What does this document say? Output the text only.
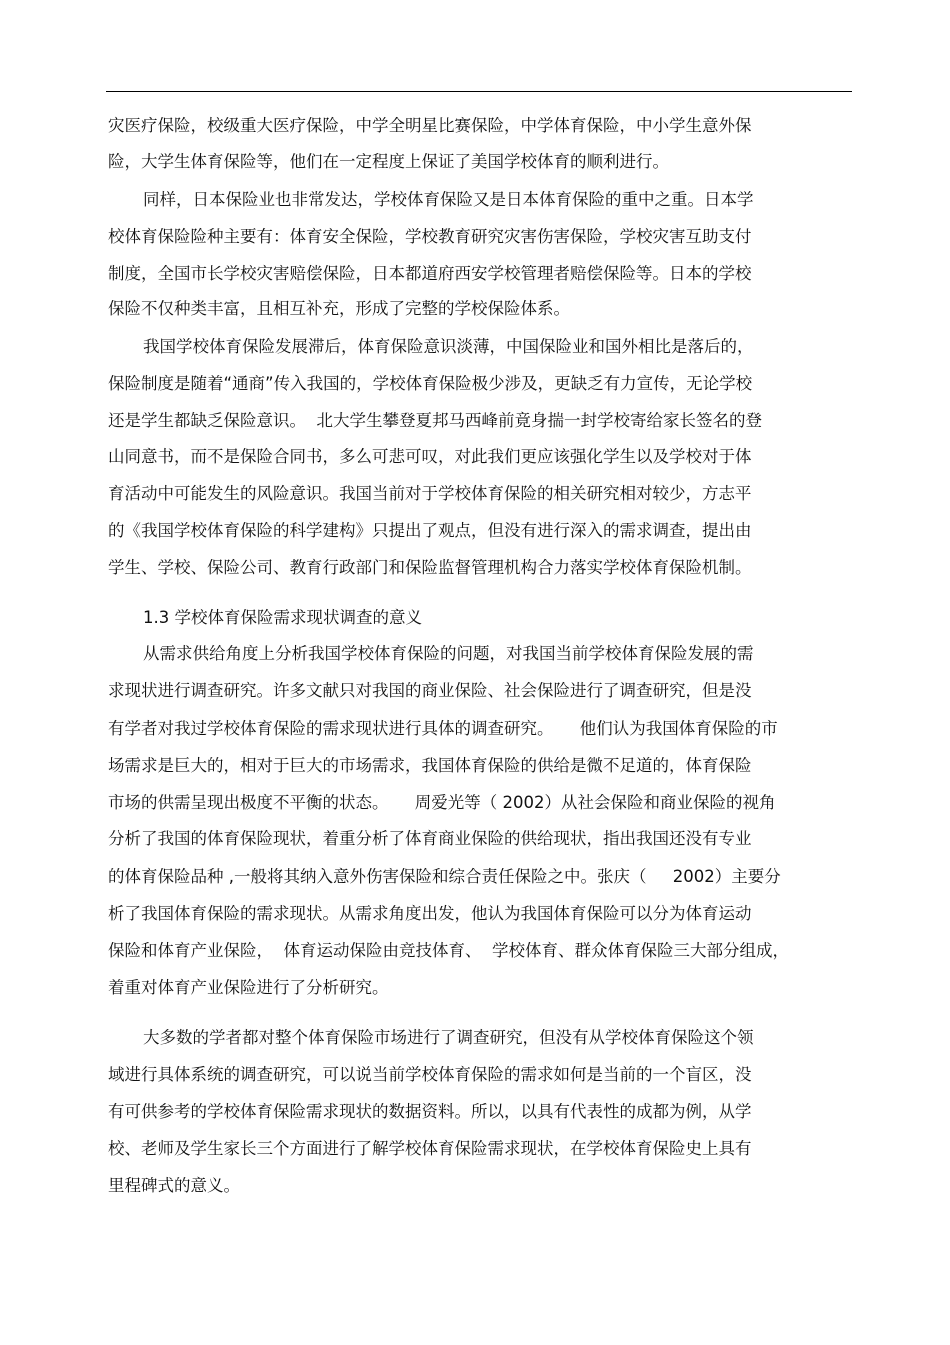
灾医疗保险，校级重大医疗保险，中学全明星比赛保险，中学体育保险，中小学生意外保
险，大学生体育保险等，他们在一定程度上保证了美国学校体育的顺利进行。
同样，日本保险业也非常发达，学校体育保险又是日本体育保险的重中之重。日本学
校体育保险险种主要有：体育安全保险，学校教育研究灾害伤害保险，学校灾害互助支付
制度，全国市长学校灾害赔偿保险，日本都道府西安学校管理者赔偿保险等。日本的学校
保险不仅种类丰富，且相互补充，形成了完整的学校保险体系。
我国学校体育保险发展滞后，体育保险意识淡薄，中国保险业和国外相比是落后的，
保险制度是随着“通商”传入我国的，学校体育保险极少涉及，更缺乏有力宣传，无论学校
还是学生都缺乏保险意识。  北大学生攀登夏邦马西峰前竟身揣一封学校寄给家长签名的登
山同意书，而不是保险合同书，多么可悲可叹，对此我们更应该强化学生以及学校对于体
育活动中可能发生的风险意识。我国当前对于学校体育保险的相关研究相对较少，方志平
的《我国学校体育保险的科学建构》只提出了观点，但没有进行深入的需求调查，提出由
学生、学校、保险公司、教育行政部门和保险监督管理机构合力落实学校体育保险机制。
1.3 学校体育保险需求现状调查的意义
从需求供给角度上分析我国学校体育保险的问题，对我国当前学校体育保险发展的需
求现状进行调查研究。许多文献只对我国的商业保险、社会保险进行了调查研究，但是没
有学者对我过学校体育保险的需求现状进行具体的调查研究。     他们认为我国体育保险的市
场需求是巨大的，相对于巨大的市场需求，我国体育保险的供给是微不足道的，体育保险
市场的供需呈现出极度不平衡的状态。     周爱光等（ 2002）从社会保险和商业保险的视角
分析了我国的体育保险现状，着重分析了体育商业保险的供给现状，指出我国还没有专业
的体育保险品种 ,一般将其纳入意外伤害保险和综合责任保险之中。张庆（     2002）主要分
析了我国体育保险的需求现状。从需求角度出发，他认为我国体育保险可以分为体育运动
保险和体育产业保险，  体育运动保险由竞技体育、  学校体育、群众体育保险三大部分组成，
着重对体育产业保险进行了分析研究。
大多数的学者都对整个体育保险市场进行了调查研究，但没有从学校体育保险这个领
域进行具体系统的调查研究，可以说当前学校体育保险的需求如何是当前的一个盲区，没
有可供参考的学校体育保险需求现状的数据资料。所以，以具有代表性的成都为例，从学
校、老师及学生家长三个方面进行了解学校体育保险需求现状，在学校体育保险史上具有
里程碑式的意义。
